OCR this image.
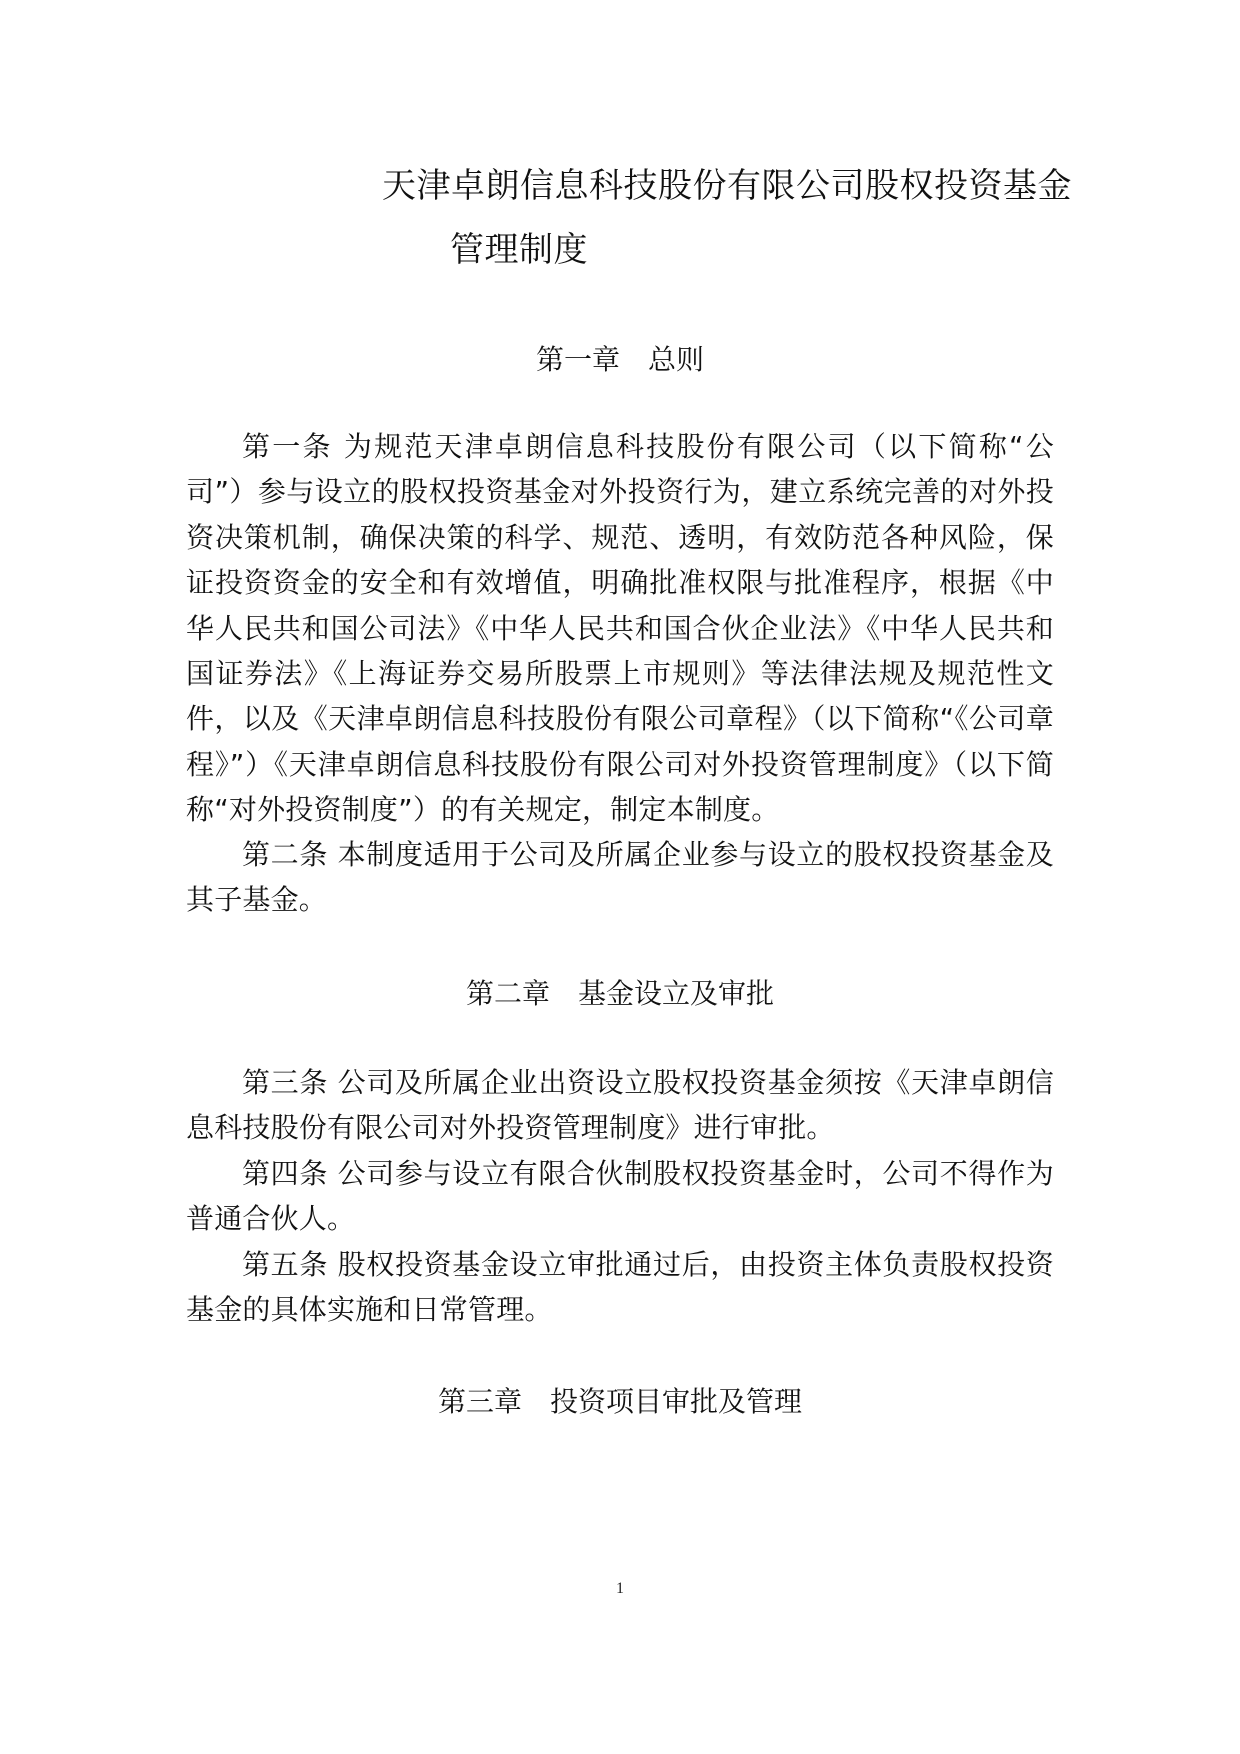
天津卓朗信息科技股份有限公司股权投资基金
管理制度
第一章　总则

第一条 为规范天津卓朗信息科技股份有限公司（以下简称“公司”）参与设立的股权投资基金对外投资行为，建立系统完善的对外投资决策机制，确保决策的科学、规范、透明，有效防范各种风险，保证投资资金的安全和有效增值，明确批准权限与批准程序，根据《中华人民共和国公司法》《中华人民共和国合伙企业法》《中华人民共和国证券法》《上海证券交易所股票上市规则》等法律法规及规范性文件，以及《天津卓朗信息科技股份有限公司章程》（以下简称“《公司章程》”）《天津卓朗信息科技股份有限公司对外投资管理制度》（以下简称“对外投资制度”）的有关规定，制定本制度。

第二条 本制度适用于公司及所属企业参与设立的股权投资基金及其子基金。

第二章　基金设立及审批

第三条 公司及所属企业出资设立股权投资基金须按《天津卓朗信息科技股份有限公司对外投资管理制度》进行审批。

第四条 公司参与设立有限合伙制股权投资基金时，公司不得作为普通合伙人。

第五条 股权投资基金设立审批通过后，由投资主体负责股权投资基金的具体实施和日常管理。

第三章　投资项目审批及管理
1
